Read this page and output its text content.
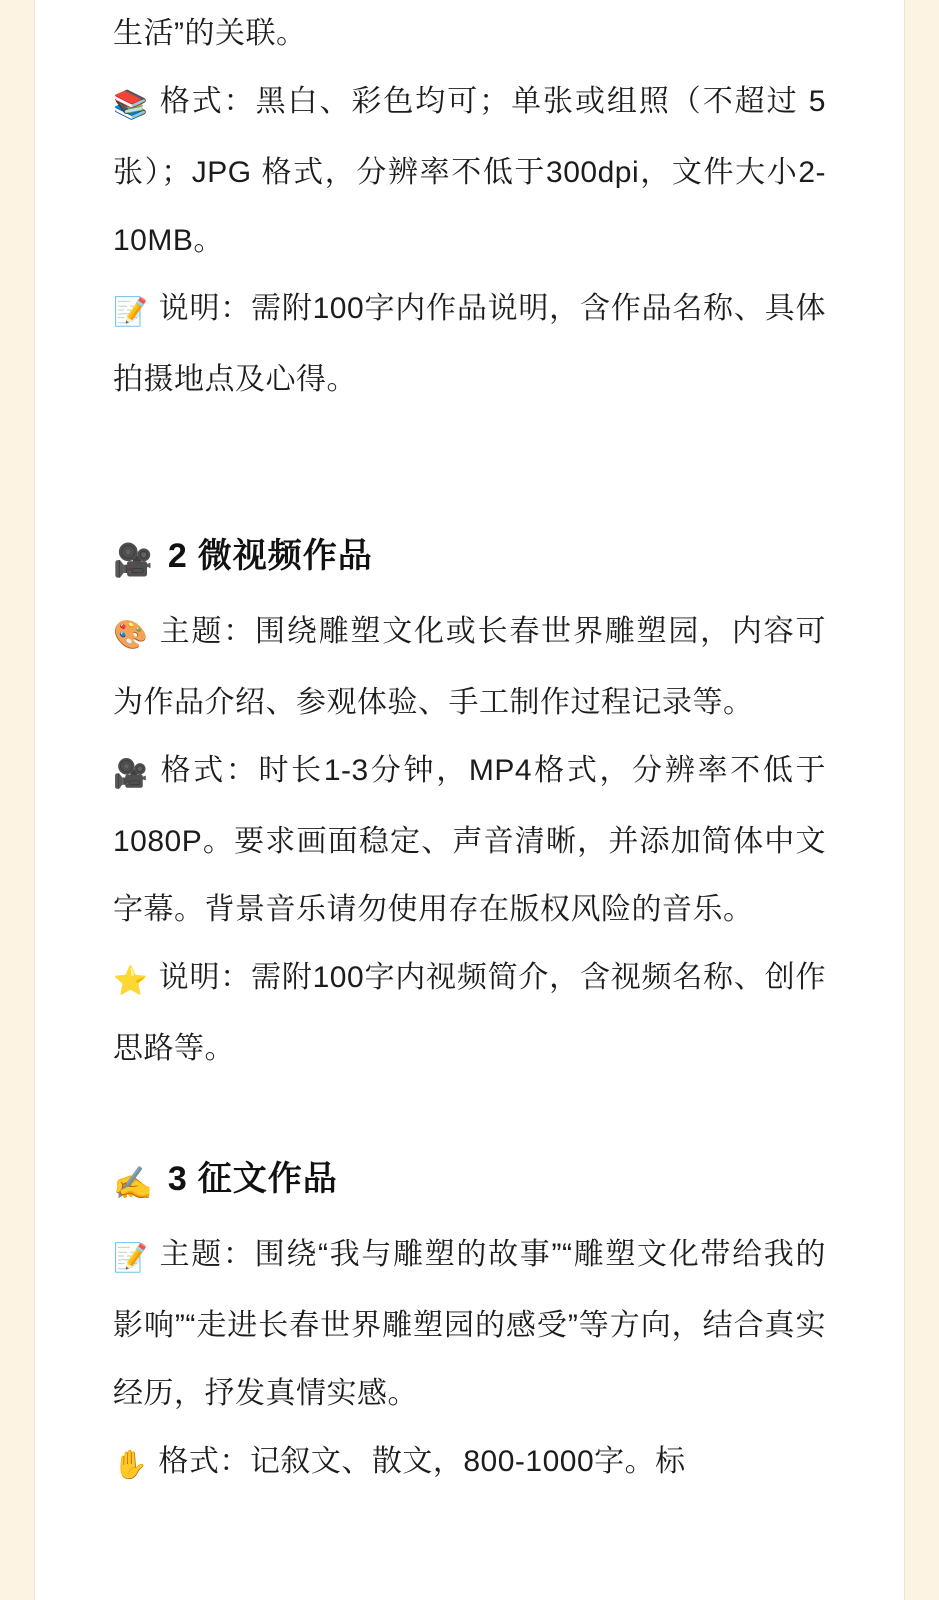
生活”的关联。

📚 格式：黑白、彩色均可；单张或组照（不超过 5 张）；JPG 格式，分辨率不低于300dpi，文件大小2-10MB。

📝 说明：需附100字内作品说明，含作品名称、具体拍摄地点及心得。

🎥 2 微视频作品

🎨 主题：围绕雕塑文化或长春世界雕塑园，内容可为作品介绍、参观体验、手工制作过程记录等。

🎥 格式：时长1-3分钟，MP4格式，分辨率不低于1080P。要求画面稳定、声音清晰，并添加简体中文字幕。背景音乐请勿使用存在版权风险的音乐。

⭐ 说明：需附100字内视频简介，含视频名称、创作思路等。

✍️ 3 征文作品

📝 主题：围绕“我与雕塑的故事”“雕塑文化带给我的影响”“走进长春世界雕塑园的感受”等方向，结合真实经历，抒发真情实感。

✋ 格式：记叙文、散文，800-1000字。标
